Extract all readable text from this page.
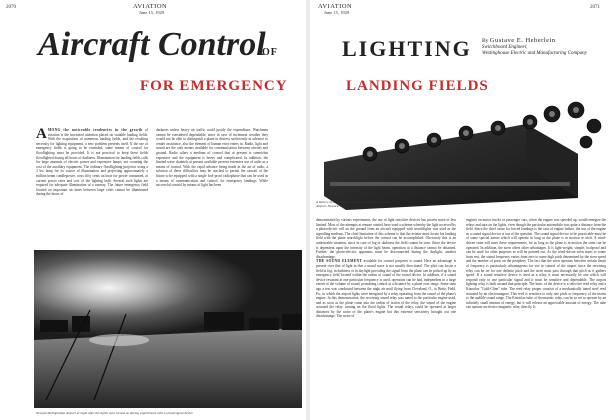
2070	AVIATION
June 15, 1929
Aircraft Control
OF
FOR EMERGENCY
AMONG the noticeable tendencies in the growth of aviation is the increased attention placed on suitable landing fields. With the acquisition of numerous landing fields, and the resulting necessity for lighting equipment, a new problem presents itself. If the use of emergency fields is going to be extended, some means of control for floodlighting must be provided. It is not practical to keep these fields floodlighted during all hours of darkness. Illumination for landing fields calls for large amounts of electric power and expensive lamps, not counting the cost of the auxiliary equipment. The ordinary floodlighting projector using a 3 kw lamp for its source of illumination and projecting approximately a million beam candlepower, costs fifty cents an hour for power consumed, at current power rates and cost of the lighting bulb. Several such lights are required for adequate illumination of a runway. The future emergency field located on important air lanes between large cities cannot be illuminated during the hours of
darkness unless heavy air traffic could justify the expenditure. Watchmen cannot be considered dependable, since in case of inclement weather they would not be able to distinguish a plane in distress sufficiently in advance to render assistance, also the element of human error enters in. Radio, light and sound are the only means available for communication between aircraft and ground. Radio offers a medium of control that at present is somewhat expensive and the equipment is heavy and complicated. In addition, the limited wave channels at present available prevent extensive use of radio as a means of control. With the rapid advance being made in the art of radio, a solution of these difficulties may be reached to permit the aircraft of the future to be equipped with a single fool-proof radiophone that can be used as a means of communication and control, for emergency landings. While successful control by means of light has been
Newark Metropolitan Airport at night after the lights were turned on during experiments with a sound signal device
AVIATION
June 15, 1929
2071
LIGHTING
LANDING FIELDS
By Gustave E. Heberlein
Switchboard Engineer,
Westinghouse Electric and Manufacturing Company
A battery of 12 floodlights at the Newark Metropolitan Airport, Newark, N. J.
demonstrated by various experiments, the use of light sensitive devices has proven more or less limited. Most of the attempts at remote control have used a scheme whereby the light received by a photoelectric cell on the ground from an aircraft equipped with searchlights was used as the signalling medium. The chief limitation of this scheme is that the aviator must locate his landing field with the plane searchlight before the control can be accomplished. Obviously this is an undesirable situation, since in case of fog or darkness the field cannot be seen. Since the device is dependent upon the intensity of the light beam, operation at a distance cannot be obtained. Further, the photo-electric apparatus must be disconnected during the daylight, another disadvantage.
THE SOUND ELEMENT available for control purposes is sound. Here an advantage is present over that of light in that a sound wave is not usually directional. The pilot can locate a field in fog, in darkness or in daylight providing the signal from the plane can be picked up by an emergency field located within the radius of sound of the sound device. In addition, if a sound device resonant at one particular frequency is used, operation can be had, independent to a large extent of the volume of sound, permitting control at a distance by a plane over range. Some time ago a test was conducted between the night air mail flying from Cleveland, O., to Bettis Field, Pa., in which the airport lights were energized by a relay operating from the sound of the plane's engine. In this demonstration, the receiving sound relay was tuned to the particular engine used, and as soon as the plane came into the radius of action of the relay, the sound of the engine actuated the relay, turning on the flood lights. The sound relays could be operated at larger distances by the noise of the plane's engine but this extreme sensitivity brought out one disadvantage. The noise of
engines on motor trucks or passenger cars, when the engine was speeded up, would energize the relays and turn on the lights, even though the particular automobile was quite a distance from the field. Since the chief cause for forced landings is the case of engine failure, the use of the engine as a sound signal device is out of the question. The sound signal device to be practicable must be of some special nature which will operate as long as the plane is in motion or aloft. A wind-driven siren will meet these requirements, for as long as the plane is in motion the siren can be operated. In addition, the siren offers other advantages. It is light-weight, simple, foolproof and can be used for other purposes as will be pointed out. As the wind-driven siren starts to rotate from rest, the sound frequency varies from zero to some high pitch determined by the siren speed and the number of ports on the periphery. The fact that the siren operates between certain limits of frequency is particularly advantageous for use in control of the airport since the receiving relay can be set for one definite pitch and the siren must pass through that pitch as it gathers speed. If a sound sensitive device is used as a relay, it must necessarily be one which will respond only to one particular signal and it must be sensitive and dependable. The airport lighting relay is built around that principle. The basic of the device is a selective reed relay and a Kinoolax "Gold-Cline" tube. The reed relay proper consists of a mechanically tuned steel reed actuated by an electromagnet. This reed is sensitive to only one pitch or frequency of the mains to the audible sound range. The Kinoolax tube, of thermionic relay, can be so set to operate by an infinitely small amount of energy, but it will release an appreciable amount of energy. The tube can operate an electro-magnetic relay directly. It
